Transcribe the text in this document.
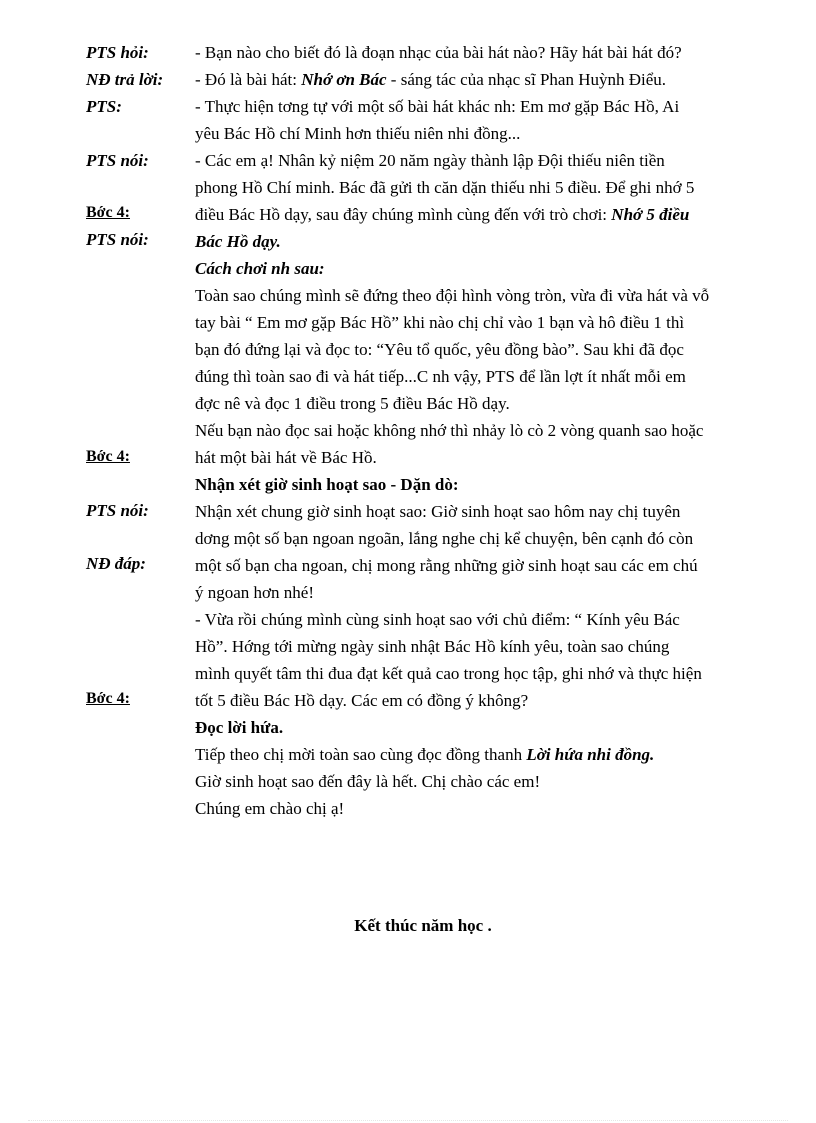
PTS hỏi:
NĐ trả lời:
PTS:
PTS nói:
Bớc 4:
PTS nói:
Bớc 4:
PTS nói:
NĐ đáp:
Bớc 4:
- Bạn nào cho biết đó là đoạn nhạc của bài hát nào? Hãy hát bài hát đó?
- Đó là bài hát: Nhớ ơn Bác - sáng tác của nhạc sĩ Phan Huỳnh Điểu.
- Thực hiện tơng tự với một số bài hát khác nh: Em mơ gặp Bác Hồ, Ai
yêu Bác Hồ chí Minh hơn thiếu niên nhi đồng...
- Các em ạ! Nhân kỷ niệm 20 năm ngày thành lập Đội thiếu niên tiền
phong Hồ Chí minh. Bác đã gửi th căn dặn thiếu nhi 5 điều. Để ghi nhớ 5
điều Bác Hồ dạy, sau đây chúng mình cùng đến với trò chơi: Nhớ 5 điều
Bác Hồ dạy.
Cách chơi nh sau:
Toàn sao chúng mình sẽ đứng theo đội hình vòng tròn, vừa đi vừa hát và vỗ
tay bài “ Em mơ gặp Bác Hồ” khi nào chị chỉ vào 1 bạn và hô điều 1 thì
bạn đó đứng lại và đọc to: “Yêu tổ quốc, yêu đồng bào”. Sau khi đã đọc
đúng thì toàn sao đi và hát tiếp...C nh vậy, PTS để lần lợt ít nhất mỗi em
đợc nê và đọc 1 điều trong 5 điều Bác Hồ dạy.
Nếu bạn nào đọc sai hoặc không nhớ thì nhảy lò cò 2 vòng quanh sao hoặc
hát một bài hát về Bác Hồ.
Nhận xét giờ sinh hoạt sao - Dặn dò:
Nhận xét chung giờ sinh hoạt sao: Giờ sinh hoạt sao hôm nay chị tuyên
dơng một số bạn ngoan ngoãn, lắng nghe chị kể chuyện, bên cạnh đó còn
một số bạn cha ngoan, chị mong rằng những giờ sinh hoạt sau các em chú
ý ngoan hơn nhé!
- Vừa rồi chúng mình cùng sinh hoạt sao với chủ điểm: “ Kính yêu Bác
Hồ”. Hớng tới mừng ngày sinh nhật Bác Hồ kính yêu, toàn sao chúng
mình quyết tâm thi đua đạt kết quả cao trong học tập, ghi nhớ và thực hiện
tốt 5 điều Bác Hồ dạy. Các em có đồng ý không?
Đọc lời hứa.
Tiếp theo chị mời toàn sao cùng đọc đồng thanh Lời hứa nhi đồng.
Giờ sinh hoạt sao đến đây là hết. Chị chào các em!
Chúng em chào chị ạ!
Kết thúc năm học .
